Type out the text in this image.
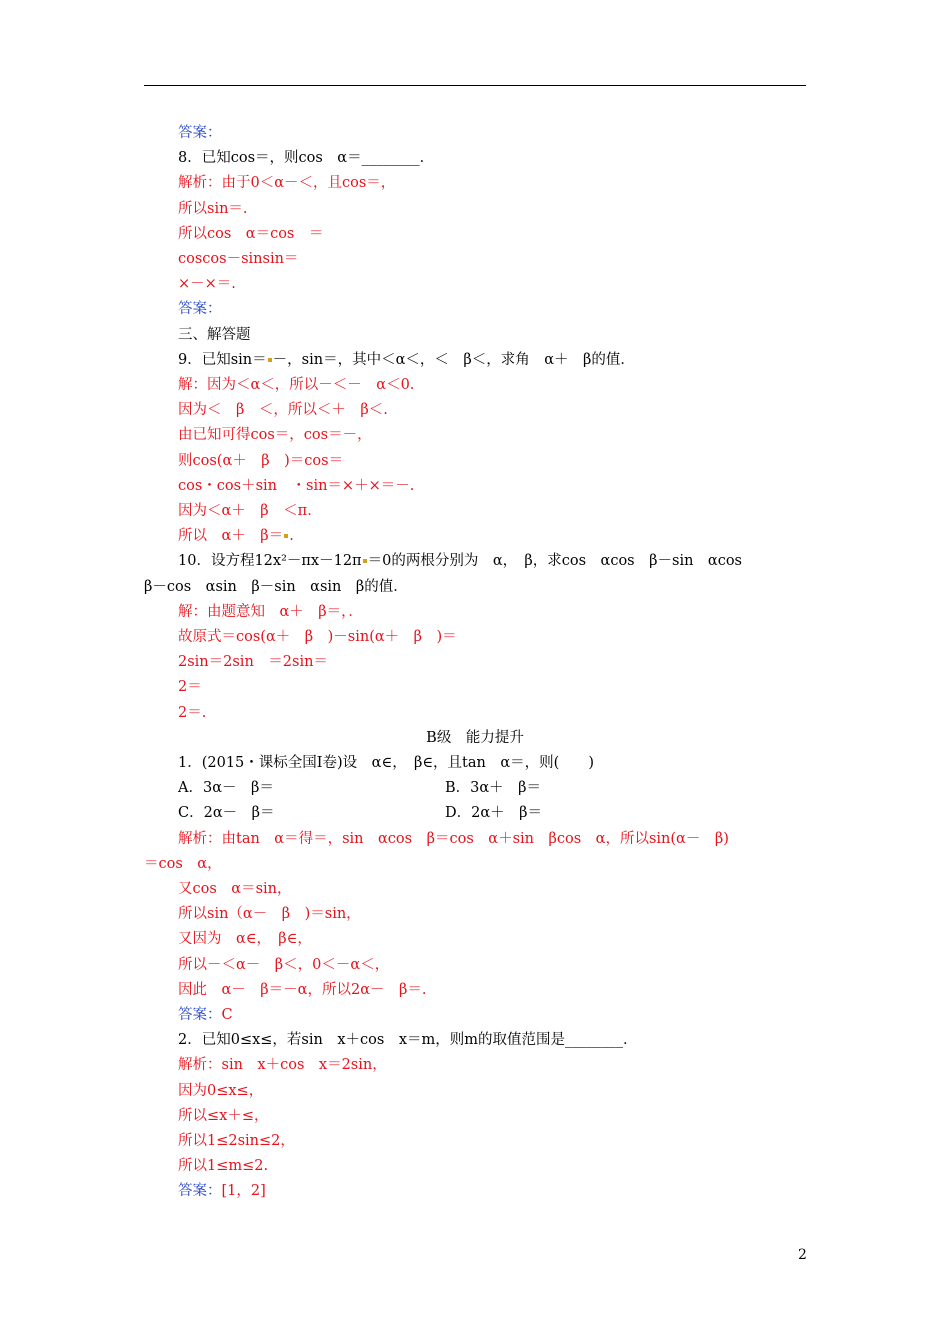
答案：
8．已知cos＝，则cos　α＝________．
解析：由于0＜α－＜，且cos＝，
所以sin＝.
所以cos　α＝cos　＝
coscos－sinsin＝
×－×＝.
答案：
三、解答题
9．已知sin＝ －，sin＝，其中＜α＜，＜　β＜，求角　α＋　β的值．
解：因为＜α＜，所以－＜－　α＜0.
因为＜　β　＜，所以＜＋　β＜.
由已知可得cos＝，cos＝－，
则cos(α＋　β　)＝cos＝
cos・cos＋sin　・sin＝×＋×＝－.
因为＜α＋　β　＜π．
所以　α＋　β＝ .
10．设方程12x²－πx－12π ＝0的两根分别为　α，　β，求cos　αcos　β－sin　αcos
β－cos　αsin　β－sin　αsin　β的值．
解：由题意知　α＋　β＝，．
故原式＝cos(α＋　β　)－sin(α＋　β　)＝
2sin＝2sin　＝2sin＝
2＝
2＝.
B级　能力提升
1．(2015・课标全国Ⅰ卷)设　α∈，　β∈，且tan　α＝，则(　　)
A．3α－　β＝	B．3α＋　β＝
C．2α－　β＝	D．2α＋　β＝
解析：由tan　α＝得＝，sin　αcos　β＝cos　α＋sin　βcos　α，所以sin(α－　β)
＝cos　α，
又cos　α＝sin，
所以sin（α－　β　)＝sin，
又因为　α∈，　β∈，
所以－＜α－　β＜，0＜－α＜，
因此　α－　β＝－α，所以2α－　β＝.
答案：C
2．已知0≤x≤，若sin　x＋cos　x＝m，则m的取值范围是________．
解析：sin　x＋cos　x＝2sin，
因为0≤x≤，
所以≤x＋≤，
所以1≤2sin≤2，
所以1≤m≤2.
答案：[1，2]
2
